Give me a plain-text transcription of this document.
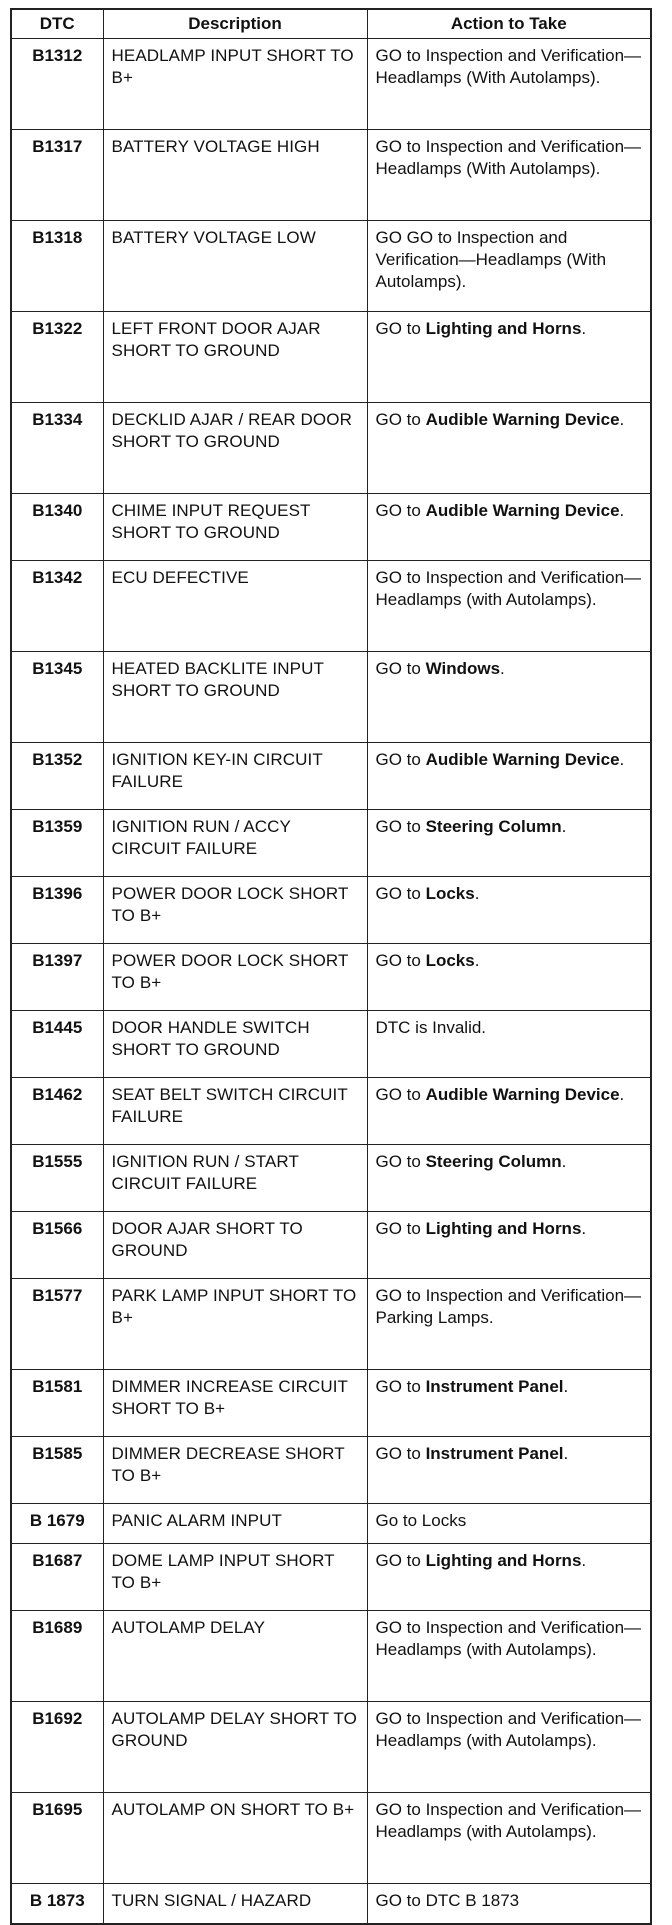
DTC	Description	Action to Take
B1312	HEADLAMP INPUT SHORT TO B+	GO to Inspection and Verification—Headlamps (With Autolamps).
B1317	BATTERY VOLTAGE HIGH	GO to Inspection and Verification—Headlamps (With Autolamps).
B1318	BATTERY VOLTAGE LOW	GO GO to Inspection and Verification—Headlamps (With Autolamps).
B1322	LEFT FRONT DOOR AJAR SHORT TO GROUND	GO to Lighting and Horns.
B1334	DECKLID AJAR / REAR DOOR SHORT TO GROUND	GO to Audible Warning Device.
B1340	CHIME INPUT REQUEST SHORT TO GROUND	GO to Audible Warning Device.
B1342	ECU DEFECTIVE	GO to Inspection and Verification—Headlamps (with Autolamps).
B1345	HEATED BACKLITE INPUT SHORT TO GROUND	GO to Windows.
B1352	IGNITION KEY-IN CIRCUIT FAILURE	GO to Audible Warning Device.
B1359	IGNITION RUN / ACCY CIRCUIT FAILURE	GO to Steering Column.
B1396	POWER DOOR LOCK SHORT TO B+	GO to Locks.
B1397	POWER DOOR LOCK SHORT TO B+	GO to Locks.
B1445	DOOR HANDLE SWITCH SHORT TO GROUND	DTC is Invalid.
B1462	SEAT BELT SWITCH CIRCUIT FAILURE	GO to Audible Warning Device.
B1555	IGNITION RUN / START CIRCUIT FAILURE	GO to Steering Column.
B1566	DOOR AJAR SHORT TO GROUND	GO to Lighting and Horns.
B1577	PARK LAMP INPUT SHORT TO B+	GO to Inspection and Verification—Parking Lamps.
B1581	DIMMER INCREASE CIRCUIT SHORT TO B+	GO to Instrument Panel.
B1585	DIMMER DECREASE SHORT TO B+	GO to Instrument Panel.
B 1679	PANIC ALARM INPUT	Go to Locks
B1687	DOME LAMP INPUT SHORT TO B+	GO to Lighting and Horns.
B1689	AUTOLAMP DELAY	GO to Inspection and Verification—Headlamps (with Autolamps).
B1692	AUTOLAMP DELAY SHORT TO GROUND	GO to Inspection and Verification—Headlamps (with Autolamps).
B1695	AUTOLAMP ON SHORT TO B+	GO to Inspection and Verification—Headlamps (with Autolamps).
B 1873	TURN SIGNAL / HAZARD	GO to DTC B 1873
